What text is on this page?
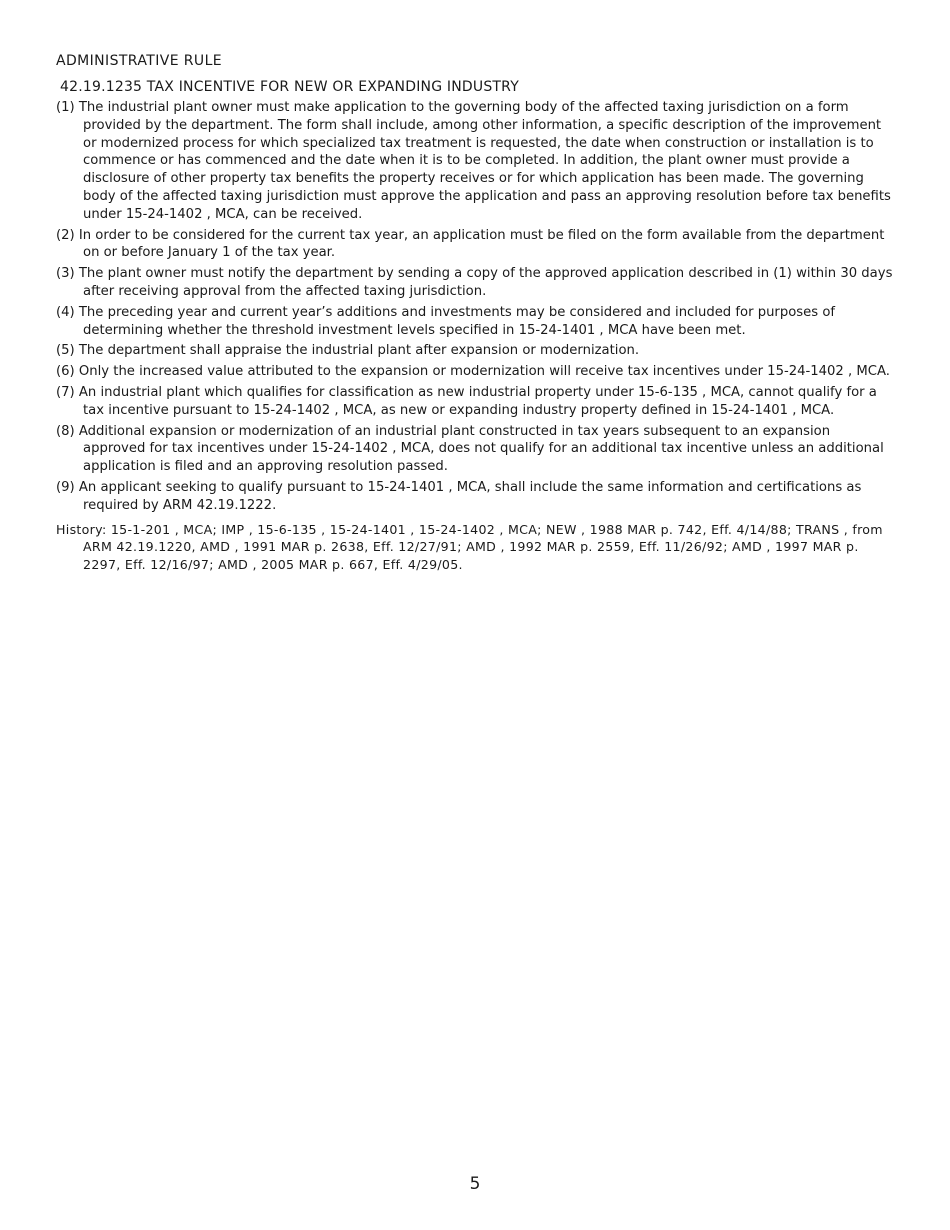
ADMINISTRATIVE RULE
42.19.1235 TAX INCENTIVE FOR NEW OR EXPANDING INDUSTRY
(1) The industrial plant owner must make application to the governing body of the affected taxing jurisdiction on a form provided by the department. The form shall include, among other information, a specific description of the improvement or modernized process for which specialized tax treatment is requested, the date when construction or installation is to commence or has commenced and the date when it is to be completed. In addition, the plant owner must provide a disclosure of other property tax benefits the property receives or for which application has been made. The governing body of the affected taxing jurisdiction must approve the application and pass an approving resolution before tax benefits under 15-24-1402 , MCA, can be received.
(2) In order to be considered for the current tax year, an application must be filed on the form available from the department on or before January 1 of the tax year.
(3) The plant owner must notify the department by sending a copy of the approved application described in (1) within 30 days after receiving approval from the affected taxing jurisdiction.
(4) The preceding year and current year’s additions and investments may be considered and included for purposes of determining whether the threshold investment levels specified in 15-24-1401 , MCA have been met.
(5) The department shall appraise the industrial plant after expansion or modernization.
(6) Only the increased value attributed to the expansion or modernization will receive tax incentives under 15-24-1402 , MCA.
(7) An industrial plant which qualifies for classification as new industrial property under 15-6-135 , MCA, cannot qualify for a tax incentive pursuant to 15-24-1402 , MCA, as new or expanding industry property defined in 15-24-1401 , MCA.
(8) Additional expansion or modernization of an industrial plant constructed in tax years subsequent to an expansion approved for tax incentives under 15-24-1402 , MCA, does not qualify for an additional tax incentive unless an additional application is filed and an approving resolution passed.
(9) An applicant seeking to qualify pursuant to 15-24-1401 , MCA, shall include the same information and certifications as required by ARM 42.19.1222.
History: 15-1-201 , MCA; IMP , 15-6-135 , 15-24-1401 , 15-24-1402 , MCA; NEW , 1988 MAR p. 742, Eff. 4/14/88; TRANS , from ARM 42.19.1220, AMD , 1991 MAR p. 2638, Eff. 12/27/91; AMD , 1992 MAR p. 2559, Eff. 11/26/92; AMD , 1997 MAR p. 2297, Eff. 12/16/97; AMD , 2005 MAR p. 667, Eff. 4/29/05.
5
